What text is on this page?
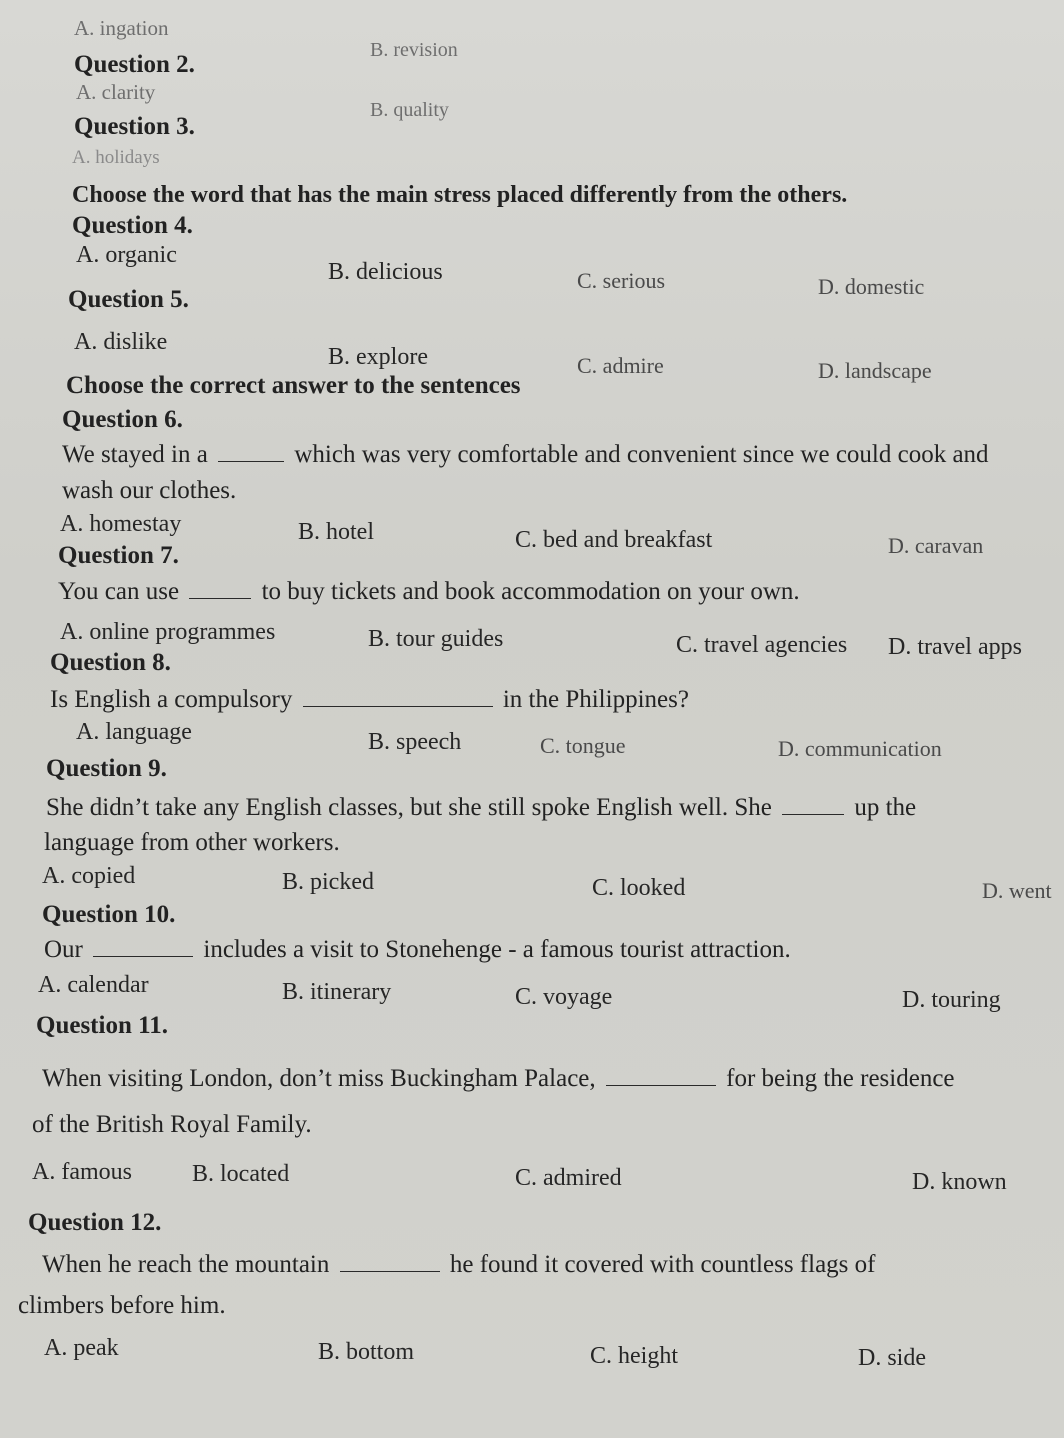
A. ingation
B. revision
Question 2.
A. clarity
B. quality
Question 3.
A. holidays
Choose the word that has the main stress placed differently from the others.
Question 4.
A. organic
B. delicious	C. serious	D. domestic
Question 5.
A. dislike
B. explore	C. admire	D. landscape
Choose the correct answer to the sentences
Question 6.
We stayed in a	which was very comfortable and convenient since we could cook and
wash our clothes.
A. homestay	B. hotel	C. bed and breakfast	D. caravan
Question 7.
You can use	to buy tickets and book accommodation on your own.
A. online programmes	B. tour guides	C. travel agencies D. travel apps
Question 8.
Is English a compulsory	in the Philippines?
A. language	B. speech	C. tongue	D. communication
Question 9.
She didn’t take any English classes, but she still spoke English well. She	up the
language from other workers.
A. copied	B. picked	C. looked	D. went
Question 10.
Our	includes a visit to Stonehenge - a famous tourist attraction.
A. calendar	B. itinerary	C. voyage	D. touring
Question 11.
When visiting London, don’t miss Buckingham Palace,	for being the residence
of the British Royal Family.
A. famous	B. located	C. admired	D. known
Question 12.
When he reach the mountain	he found it covered with countless flags of
climbers before him.
A. peak	B. bottom	C. height	D. side
